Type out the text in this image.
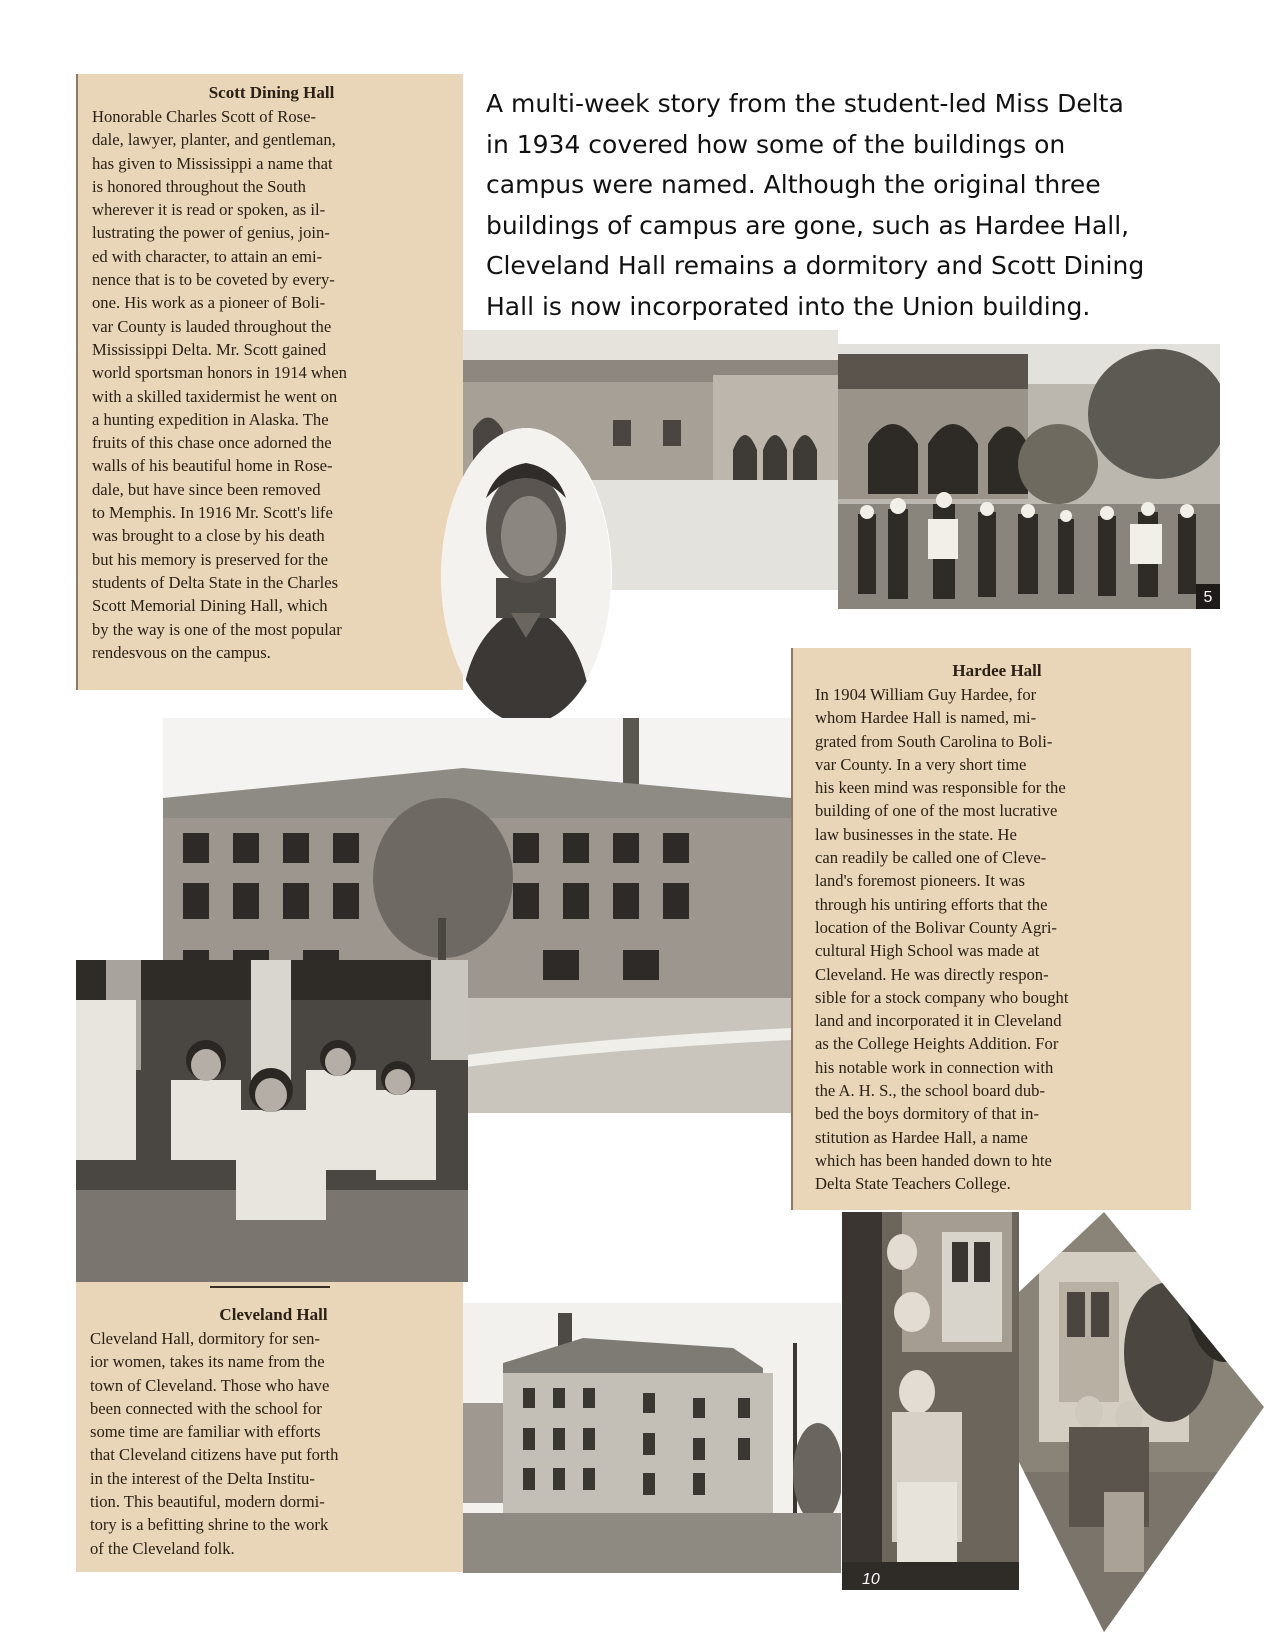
A multi-week story from the student-led Miss Delta
in 1934 covered how some of the buildings on
campus were named. Although the original three
buildings of campus are gone, such as Hardee Hall,
Cleveland Hall remains a dormitory and Scott Dining
Hall is now incorporated into the Union building.
Scott Dining Hall
Honorable Charles Scott of Rose-
dale, lawyer, planter, and gentleman,
has given to Mississippi a name that
is honored throughout the South
wherever it is read or spoken, as il-
lustrating the power of genius, join-
ed with character, to attain an emi-
nence that is to be coveted by every-
one. His work as a pioneer of Boli-
var County is lauded throughout the
Mississippi Delta. Mr. Scott gained
world sportsman honors in 1914 when
with a skilled taxidermist he went on
a hunting expedition in Alaska. The
fruits of this chase once adorned the
walls of his beautiful home in Rose-
dale, but have since been removed
to Memphis. In 1916 Mr. Scott's life
was brought to a close by his death
but his memory is preserved for the
students of Delta State in the Charles
Scott Memorial Dining Hall, which
by the way is one of the most popular
rendesvous on the campus.
5
Hardee Hall
In 1904 William Guy Hardee, for
whom Hardee Hall is named, mi-
grated from South Carolina to Boli-
var County. In a very short time
his keen mind was responsible for the
building of one of the most lucrative
law businesses in the state. He
can readily be called one of Cleve-
land's foremost pioneers. It was
through his untiring efforts that the
location of the Bolivar County Agri-
cultural High School was made at
Cleveland. He was directly respon-
sible for a stock company who bought
land and incorporated it in Cleveland
as the College Heights Addition. For
his notable work in connection with
the A. H. S., the school board dub-
bed the boys dormitory of that in-
stitution as Hardee Hall, a name
which has been handed down to hte
Delta State Teachers College.
Cleveland Hall
Cleveland Hall, dormitory for sen-
ior women, takes its name from the
town of Cleveland. Those who have
been connected with the school for
some time are familiar with efforts
that Cleveland citizens have put forth
in the interest of the Delta Institu-
tion. This beautiful, modern dormi-
tory is a befitting shrine to the work
of the Cleveland folk.
10
